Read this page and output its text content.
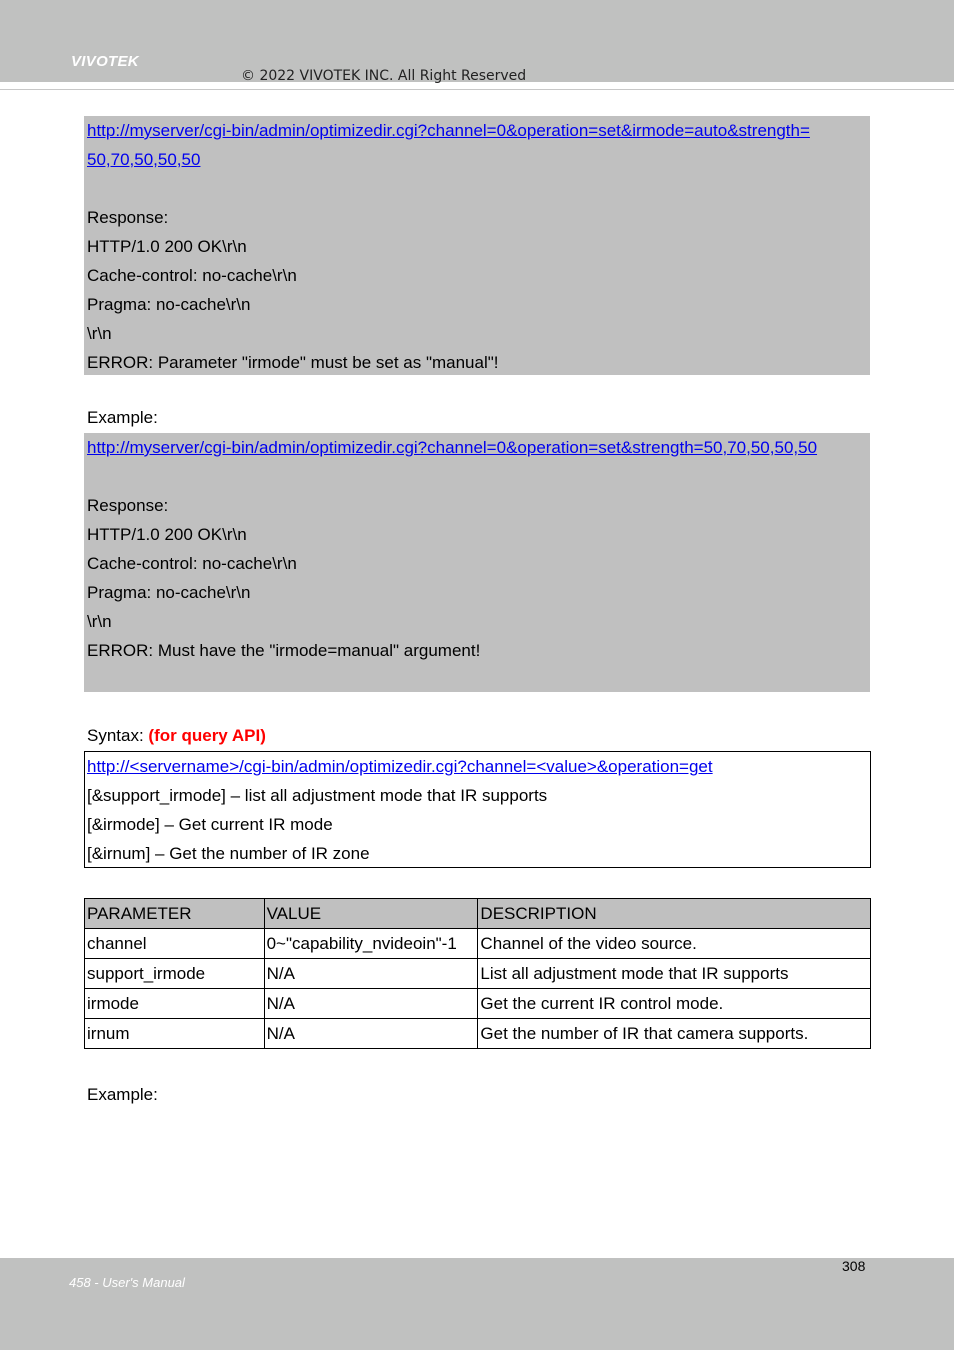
VIVOTEK
© 2022 VIVOTEK INC. All Right Reserved
http://myserver/cgi-bin/admin/optimizedir.cgi?channel=0&operation=set&irmode=auto&strength=
50,70,50,50,50
Response:
HTTP/1.0 200 OK\r\n
Cache-control: no-cache\r\n
Pragma: no-cache\r\n
\r\n
ERROR: Parameter "irmode" must be set as "manual"!
Example:
http://myserver/cgi-bin/admin/optimizedir.cgi?channel=0&operation=set&strength=50,70,50,50,50
Response:
HTTP/1.0 200 OK\r\n
Cache-control: no-cache\r\n
Pragma: no-cache\r\n
\r\n
ERROR: Must have the "irmode=manual" argument!
Syntax: (for query API)
http://<servername>/cgi-bin/admin/optimizedir.cgi?channel=<value>&operation=get
[&support_irmode] – list all adjustment mode that IR supports
[&irmode] – Get current IR mode
[&irnum] – Get the number of IR zone
PARAMETER	VALUE	DESCRIPTION
channel	0~"capability_nvideoin"-1	Channel of the video source.
support_irmode	N/A	List all adjustment mode that IR supports
irmode	N/A	Get the current IR control mode.
irnum	N/A	Get the number of IR that camera supports.
Example:
308
458 - User's Manual
